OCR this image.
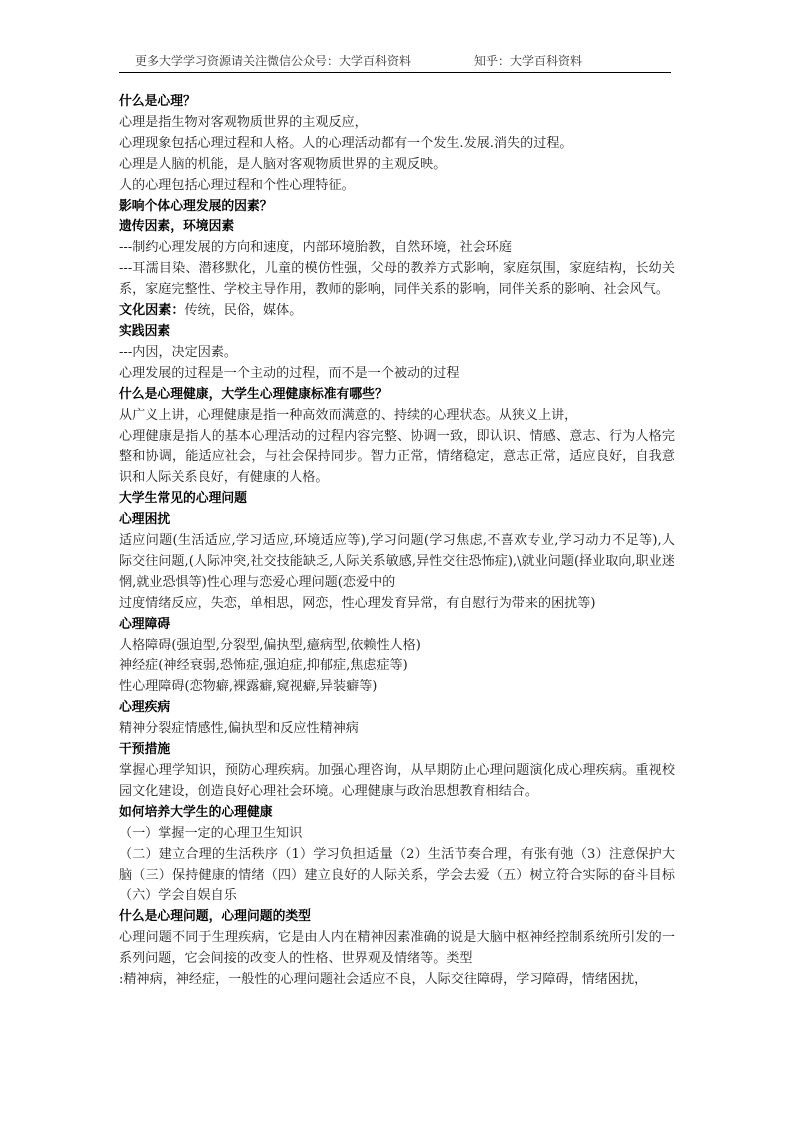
更多大学学习资源请关注微信公众号：大学百科资料	知乎：大学百科资料
什么是心理？
心理是指生物对客观物质世界的主观反应，
心理现象包括心理过程和人格。人的心理活动都有一个发生.发展.消失的过程。
心理是人脑的机能，是人脑对客观物质世界的主观反映。
人的心理包括心理过程和个性心理特征。
影响个体心理发展的因素？
遗传因素，环境因素
---制约心理发展的方向和速度，内部环境胎教，自然环境，社会环庭
---耳濡目染、潜移默化，儿童的模仿性强，父母的教养方式影响，家庭氛围，家庭结构，长幼关系，家庭完整性、学校主导作用，教师的影响，同伴关系的影响，同伴关系的影响、社会风气。
文化因素：传统，民俗，媒体。
实践因素
---内因，决定因素。
心理发展的过程是一个主动的过程，而不是一个被动的过程
什么是心理健康，大学生心理健康标准有哪些？
从广义上讲，心理健康是指一种高效而满意的、持续的心理状态。从狭义上讲，
心理健康是指人的基本心理活动的过程内容完整、协调一致，即认识、情感、意志、行为人格完整和协调，能适应社会，与社会保持同步。智力正常，情绪稳定，意志正常，适应良好，自我意识和人际关系良好，有健康的人格。
大学生常见的心理问题
心理困扰
适应问题(生活适应,学习适应,环境适应等),学习问题(学习焦虑,不喜欢专业,学习动力不足等),人际交往问题,(人际冲突,社交技能缺乏,人际关系敏感,异性交往恐怖症),\就业问题(择业取向,职业迷惘,就业恐惧等)性心理与恋爱心理问题(恋爱中的
过度情绪反应，失恋，单相思，网恋，性心理发育异常，有自慰行为带来的困扰等)
心理障碍
人格障碍(强迫型,分裂型,偏执型,癔病型,依赖性人格)
神经症(神经衰弱,恐怖症,强迫症,抑郁症,焦虑症等)
性心理障碍(恋物癖,裸露癖,窥视癖,异装癖等)
心理疾病
精神分裂症情感性,偏执型和反应性精神病
干预措施
掌握心理学知识，预防心理疾病。加强心理咨询，从早期防止心理问题演化成心理疾病。重视校园文化建设，创造良好心理社会环境。心理健康与政治思想教育相结合。
如何培养大学生的心理健康
（一）掌握一定的心理卫生知识
（二）建立合理的生活秩序（1）学习负担适量（2）生活节奏合理，有张有弛（3）注意保护大脑（三）保持健康的情绪（四）建立良好的人际关系，学会去爱（五）树立符合实际的奋斗目标（六）学会自娱自乐
什么是心理问题，心理问题的类型
心理问题不同于生理疾病，它是由人内在精神因素准确的说是大脑中枢神经控制系统所引发的一系列问题，它会间接的改变人的性格、世界观及情绪等。类型
:精神病，神经症，一般性的心理问题社会适应不良，人际交往障碍，学习障碍，情绪困扰，
